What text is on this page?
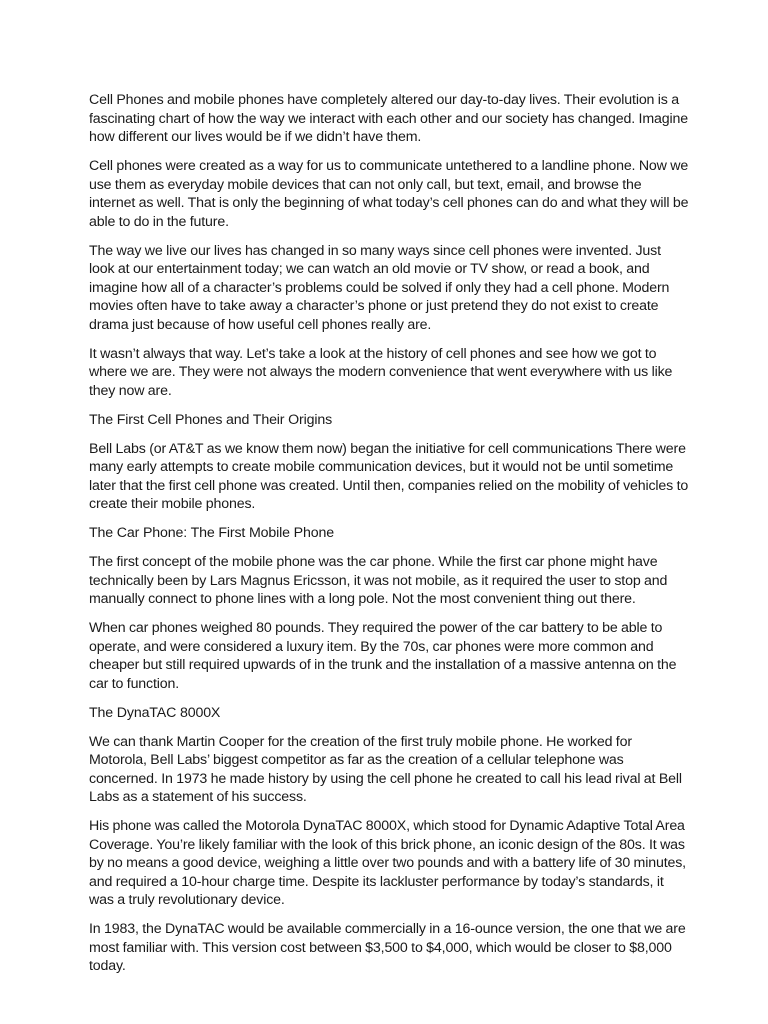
Cell Phones and mobile phones have completely altered our day-to-day lives. Their evolution is a fascinating chart of how the way we interact with each other and our society has changed. Imagine how different our lives would be if we didn’t have them.

Cell phones were created as a way for us to communicate untethered to a landline phone. Now we use them as everyday mobile devices that can not only call, but text, email, and browse the internet as well. That is only the beginning of what today’s cell phones can do and what they will be able to do in the future.

The way we live our lives has changed in so many ways since cell phones were invented. Just look at our entertainment today; we can watch an old movie or TV show, or read a book, and imagine how all of a character’s problems could be solved if only they had a cell phone. Modern movies often have to take away a character’s phone or just pretend they do not exist to create drama just because of how useful cell phones really are.

It wasn’t always that way. Let’s take a look at the history of cell phones and see how we got to where we are. They were not always the modern convenience that went everywhere with us like they now are.

The First Cell Phones and Their Origins

Bell Labs (or AT&T as we know them now) began the initiative for cell communications There were many early attempts to create mobile communication devices, but it would not be until sometime later that the first cell phone was created. Until then, companies relied on the mobility of vehicles to create their mobile phones.

The Car Phone: The First Mobile Phone

The first concept of the mobile phone was the car phone. While the first car phone might have technically been by Lars Magnus Ericsson, it was not mobile, as it required the user to stop and manually connect to phone lines with a long pole. Not the most convenient thing out there.

When car phones weighed 80 pounds. They required the power of the car battery to be able to operate, and were considered a luxury item. By the 70s, car phones were more common and cheaper but still required upwards of in the trunk and the installation of a massive antenna on the car to function.

The DynaTAC 8000X

We can thank Martin Cooper for the creation of the first truly mobile phone. He worked for Motorola, Bell Labs’ biggest competitor as far as the creation of a cellular telephone was concerned. In 1973 he made history by using the cell phone he created to call his lead rival at Bell Labs as a statement of his success.

His phone was called the Motorola DynaTAC 8000X, which stood for Dynamic Adaptive Total Area Coverage. You’re likely familiar with the look of this brick phone, an iconic design of the 80s. It was by no means a good device, weighing a little over two pounds and with a battery life of 30 minutes, and required a 10-hour charge time. Despite its lackluster performance by today’s standards, it was a truly revolutionary device.

In 1983, the DynaTAC would be available commercially in a 16-ounce version, the one that we are most familiar with. This version cost between $3,500 to $4,000, which would be closer to $8,000 today.
